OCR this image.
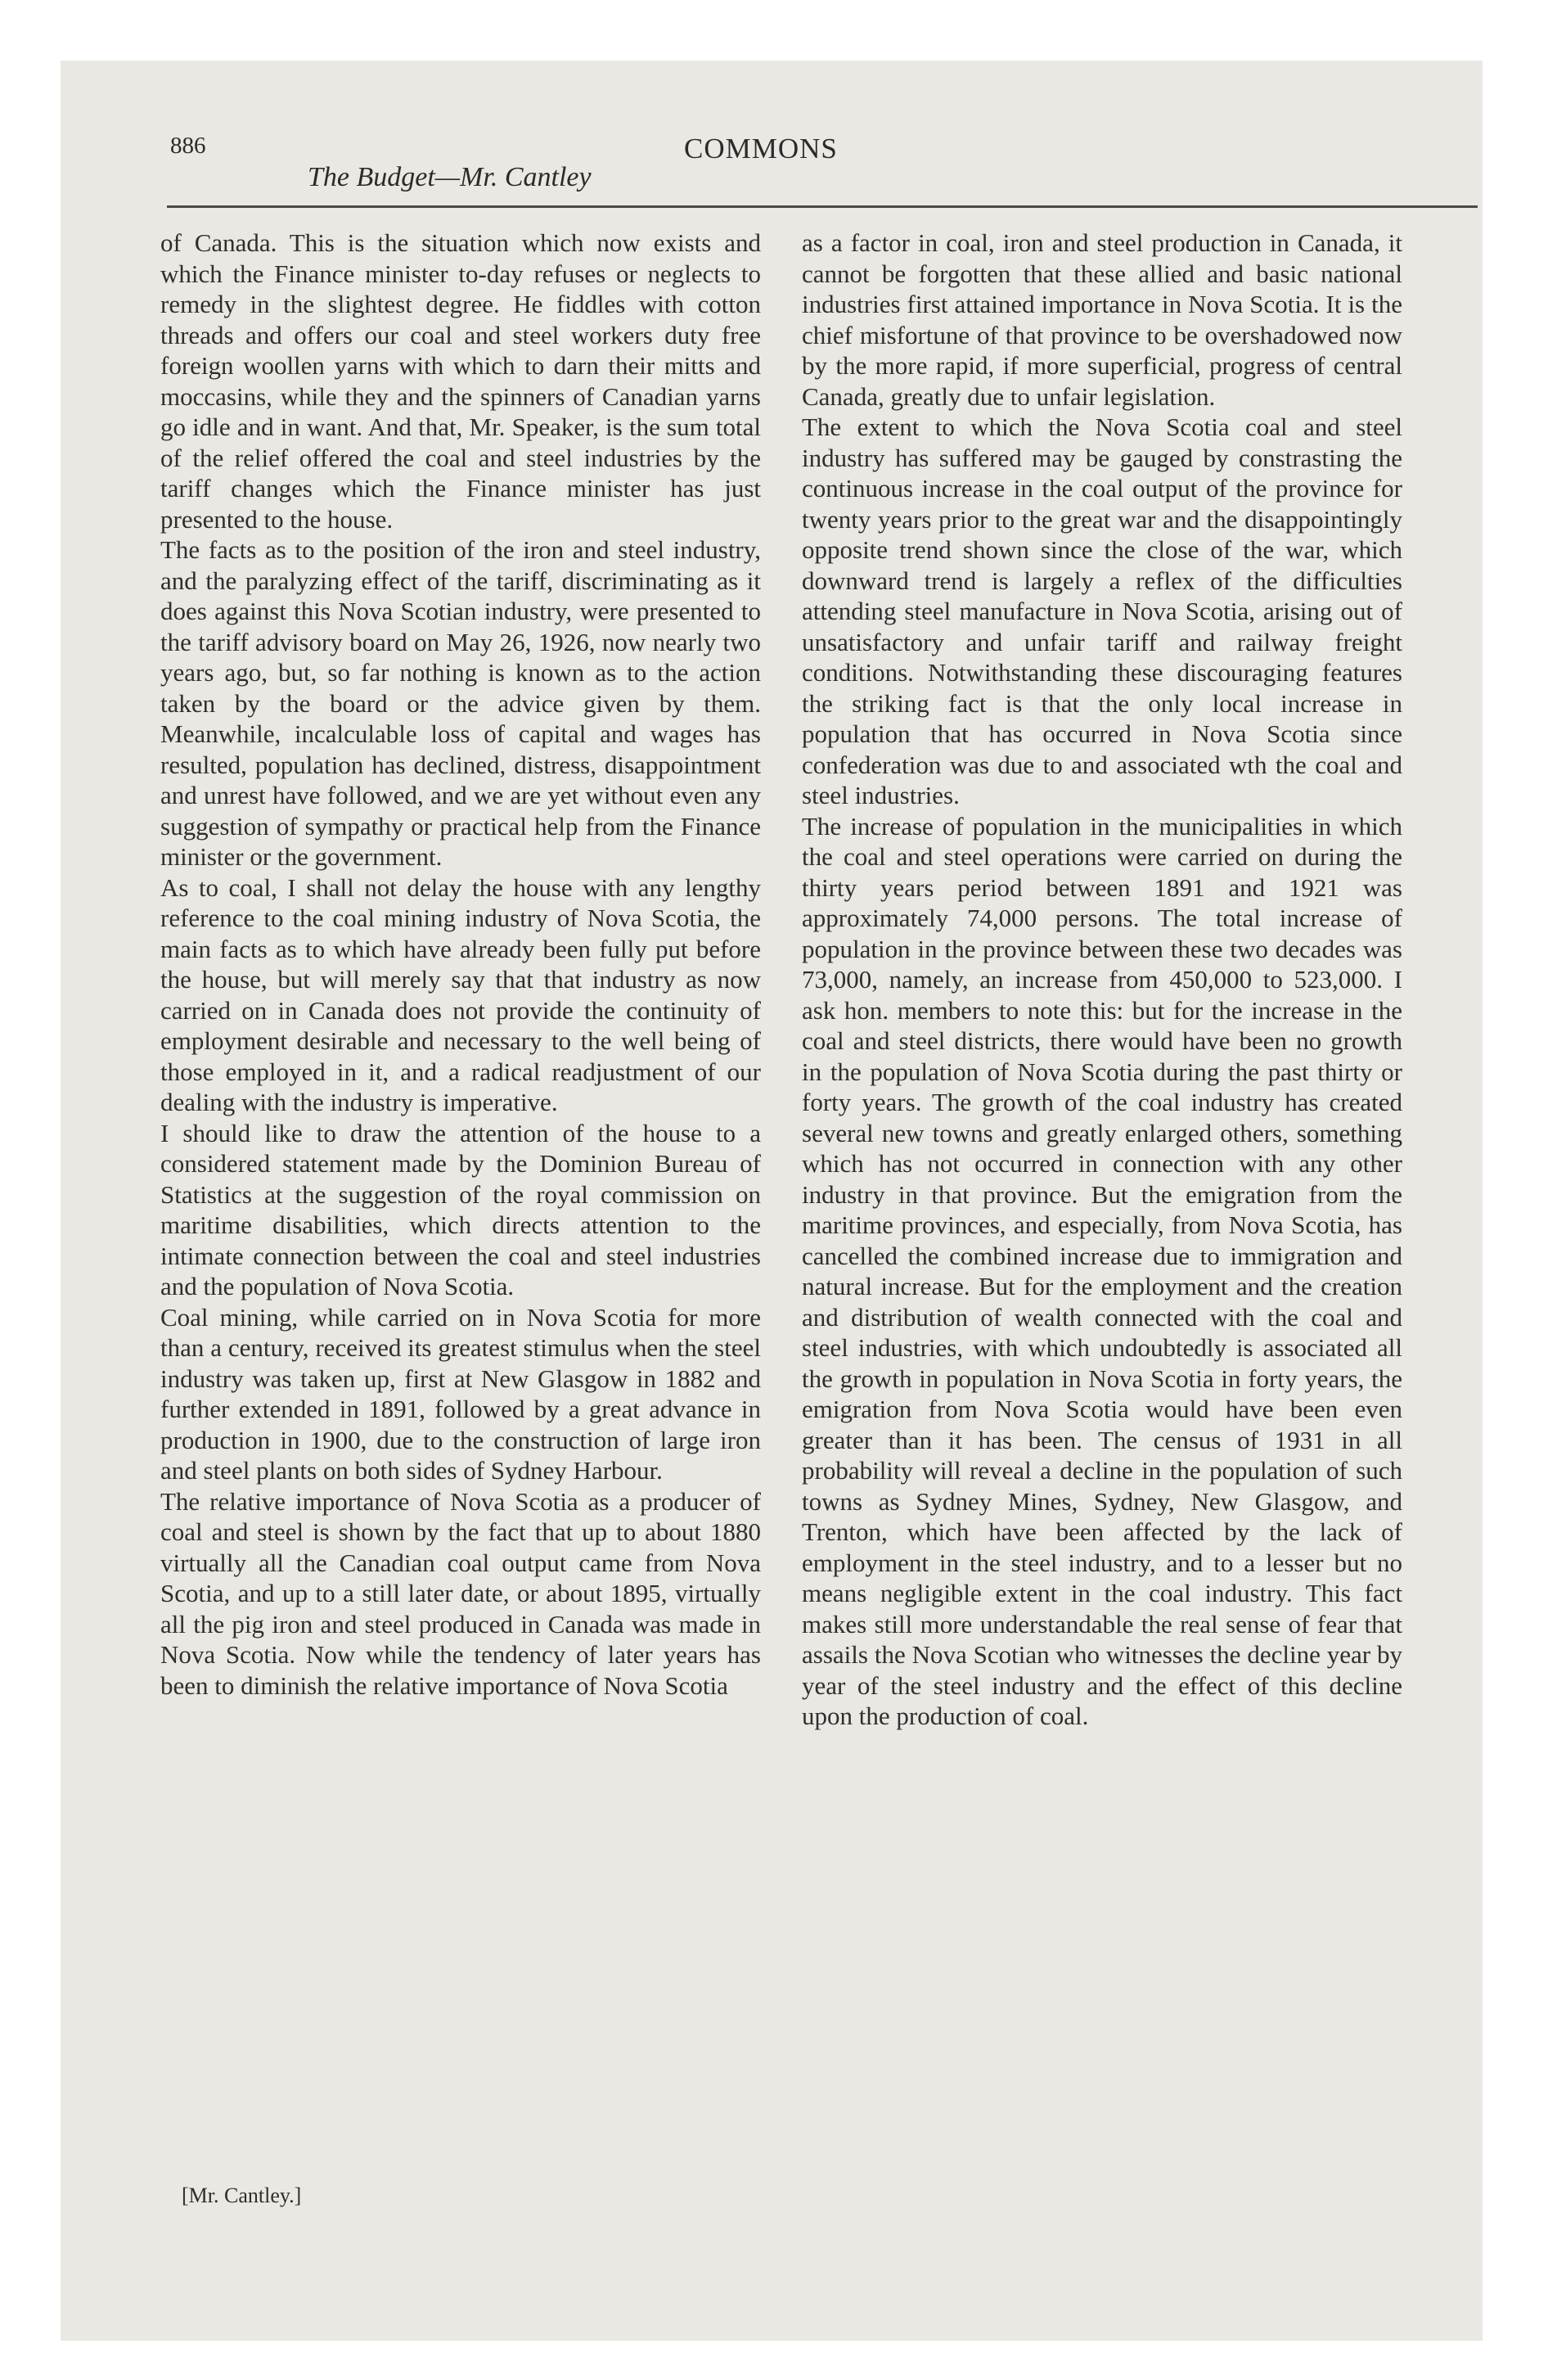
886

The Budget—Mr. Cantley

COMMONS

of Canada. This is the situation which now exists and which the Finance minister to-day refuses or neglects to remedy in the slightest degree. He fiddles with cotton threads and offers our coal and steel workers duty free foreign woollen yarns with which to darn their mitts and moccasins, while they and the spinners of Canadian yarns go idle and in want. And that, Mr. Speaker, is the sum total of the relief offered the coal and steel industries by the tariff changes which the Finance minister has just presented to the house.

The facts as to the position of the iron and steel industry, and the paralyzing effect of the tariff, discriminating as it does against this Nova Scotian industry, were presented to the tariff advisory board on May 26, 1926, now nearly two years ago, but, so far nothing is known as to the action taken by the board or the advice given by them. Meanwhile, incalculable loss of capital and wages has resulted, population has declined, distress, disappointment and unrest have followed, and we are yet without even any suggestion of sympathy or practical help from the Finance minister or the government.

As to coal, I shall not delay the house with any lengthy reference to the coal mining industry of Nova Scotia, the main facts as to which have already been fully put before the house, but will merely say that that industry as now carried on in Canada does not provide the continuity of employment desirable and necessary to the well being of those employed in it, and a radical readjustment of our dealing with the industry is imperative.

I should like to draw the attention of the house to a considered statement made by the Dominion Bureau of Statistics at the suggestion of the royal commission on maritime disabilities, which directs attention to the intimate connection between the coal and steel industries and the population of Nova Scotia.

Coal mining, while carried on in Nova Scotia for more than a century, received its greatest stimulus when the steel industry was taken up, first at New Glasgow in 1882 and further extended in 1891, followed by a great advance in production in 1900, due to the construction of large iron and steel plants on both sides of Sydney Harbour.

The relative importance of Nova Scotia as a producer of coal and steel is shown by the fact that up to about 1880 virtually all the Canadian coal output came from Nova Scotia, and up to a still later date, or about 1895, virtually all the pig iron and steel produced in Canada was made in Nova Scotia. Now while the tendency of later years has been to diminish the relative importance of Nova Scotia

as a factor in coal, iron and steel production in Canada, it cannot be forgotten that these allied and basic national industries first attained importance in Nova Scotia. It is the chief misfortune of that province to be overshadowed now by the more rapid, if more superficial, progress of central Canada, greatly due to unfair legislation.

The extent to which the Nova Scotia coal and steel industry has suffered may be gauged by constrasting the continuous increase in the coal output of the province for twenty years prior to the great war and the disappointingly opposite trend shown since the close of the war, which downward trend is largely a reflex of the difficulties attending steel manufacture in Nova Scotia, arising out of unsatisfactory and unfair tariff and railway freight conditions. Notwithstanding these discouraging features the striking fact is that the only local increase in population that has occurred in Nova Scotia since confederation was due to and associated wth the coal and steel industries.

The increase of population in the municipalities in which the coal and steel operations were carried on during the thirty years period between 1891 and 1921 was approximately 74,000 persons. The total increase of population in the province between these two decades was 73,000, namely, an increase from 450,000 to 523,000. I ask hon. members to note this: but for the increase in the coal and steel districts, there would have been no growth in the population of Nova Scotia during the past thirty or forty years. The growth of the coal industry has created several new towns and greatly enlarged others, something which has not occurred in connection with any other industry in that province. But the emigration from the maritime provinces, and especially, from Nova Scotia, has cancelled the combined increase due to immigration and natural increase. But for the employment and the creation and distribution of wealth connected with the coal and steel industries, with which undoubtedly is associated all the growth in population in Nova Scotia in forty years, the emigration from Nova Scotia would have been even greater than it has been. The census of 1931 in all probability will reveal a decline in the population of such towns as Sydney Mines, Sydney, New Glasgow, and Trenton, which have been affected by the lack of employment in the steel industry, and to a lesser but no means negligible extent in the coal industry. This fact makes still more understandable the real sense of fear that assails the Nova Scotian who witnesses the decline year by year of the steel industry and the effect of this decline upon the production of coal.

[Mr. Cantley.]
